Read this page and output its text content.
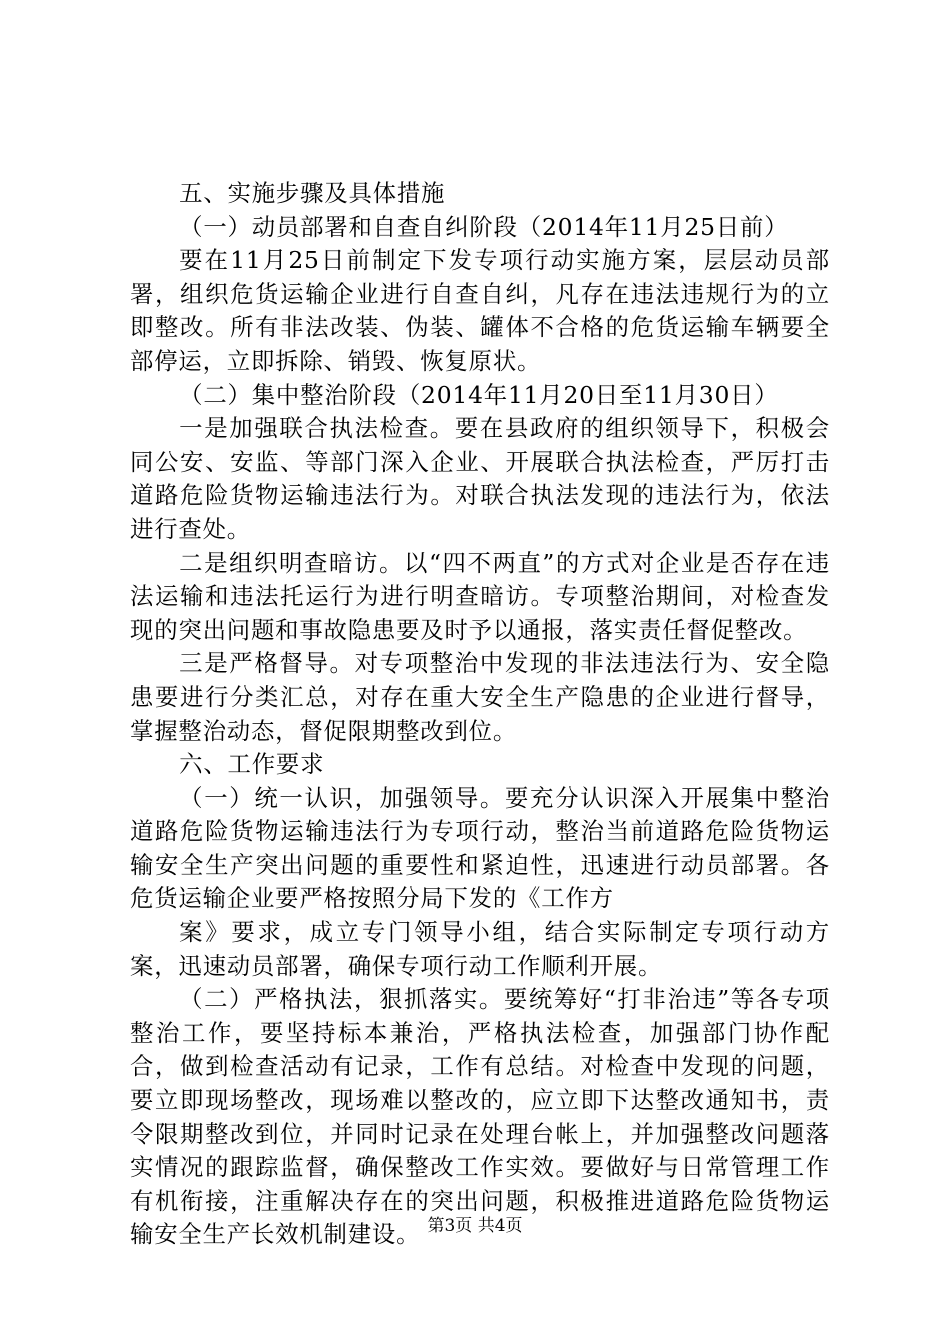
五、实施步骤及具体措施

（一）动员部署和自查自纠阶段（2014年11月25日前）

要在11月25日前制定下发专项行动实施方案，层层动员部署，组织危货运输企业进行自查自纠，凡存在违法违规行为的立即整改。所有非法改装、伪装、罐体不合格的危货运输车辆要全部停运，立即拆除、销毁、恢复原状。

（二）集中整治阶段（2014年11月20日至11月30日）

一是加强联合执法检查。要在县政府的组织领导下，积极会同公安、安监、等部门深入企业、开展联合执法检查，严厉打击道路危险货物运输违法行为。对联合执法发现的违法行为，依法进行查处。

二是组织明查暗访。以“四不两直”的方式对企业是否存在违法运输和违法托运行为进行明查暗访。专项整治期间，对检查发现的突出问题和事故隐患要及时予以通报，落实责任督促整改。

三是严格督导。对专项整治中发现的非法违法行为、安全隐患要进行分类汇总，对存在重大安全生产隐患的企业进行督导，掌握整治动态，督促限期整改到位。

六、工作要求

（一）统一认识，加强领导。要充分认识深入开展集中整治道路危险货物运输违法行为专项行动，整治当前道路危险货物运输安全生产突出问题的重要性和紧迫性，迅速进行动员部署。各危货运输企业要严格按照分局下发的《工作方

案》要求，成立专门领导小组，结合实际制定专项行动方案，迅速动员部署，确保专项行动工作顺利开展。

（二）严格执法，狠抓落实。要统筹好“打非治违”等各专项整治工作，要坚持标本兼治，严格执法检查，加强部门协作配合，做到检查活动有记录，工作有总结。对检查中发现的问题，要立即现场整改，现场难以整改的，应立即下达整改通知书，责令限期整改到位，并同时记录在处理台帐上，并加强整改问题落实情况的跟踪监督，确保整改工作实效。要做好与日常管理工作有机衔接，注重解决存在的突出问题，积极推进道路危险货物运输安全生产长效机制建设。 第3页 共4页
